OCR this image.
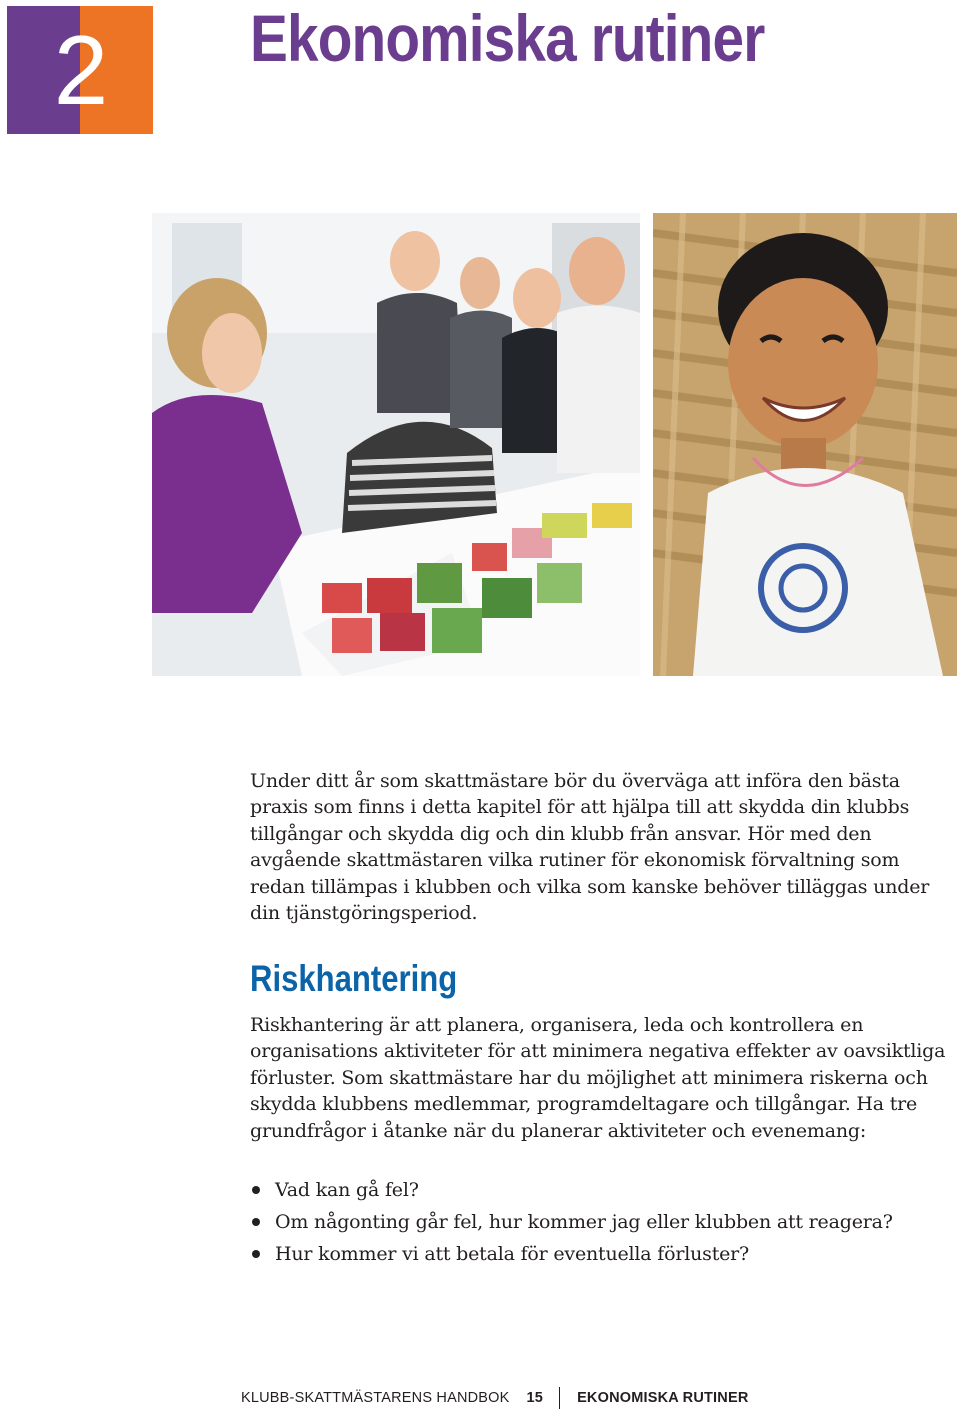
2	Ekonomiska rutiner

Under ditt år som skattmästare bör du överväga att införa den bästa praxis som finns i detta kapitel för att hjälpa till att skydda din klubbs tillgångar och skydda dig och din klubb från ansvar. Hör med den avgående skattmästaren vilka rutiner för ekonomisk förvaltning som redan tillämpas i klubben och vilka som kanske behöver tilläggas under din tjänstgöringsperiod.

Riskhantering

Riskhantering är att planera, organisera, leda och kontrollera en organisations aktiviteter för att minimera negativa effekter av oavsiktliga förluster. Som skattmästare har du möjlighet att minimera riskerna och skydda klubbens medlemmar, programdeltagare och tillgångar. Ha tre grundfrågor i åtanke när du planerar aktiviteter och evenemang:

Vad kan gå fel?
Om någonting går fel, hur kommer jag eller klubben att reagera?
Hur kommer vi att betala för eventuella förluster?
KLUBB-SKATTMÄSTARENS HANDBOK 15 EKONOMISKA RUTINER
